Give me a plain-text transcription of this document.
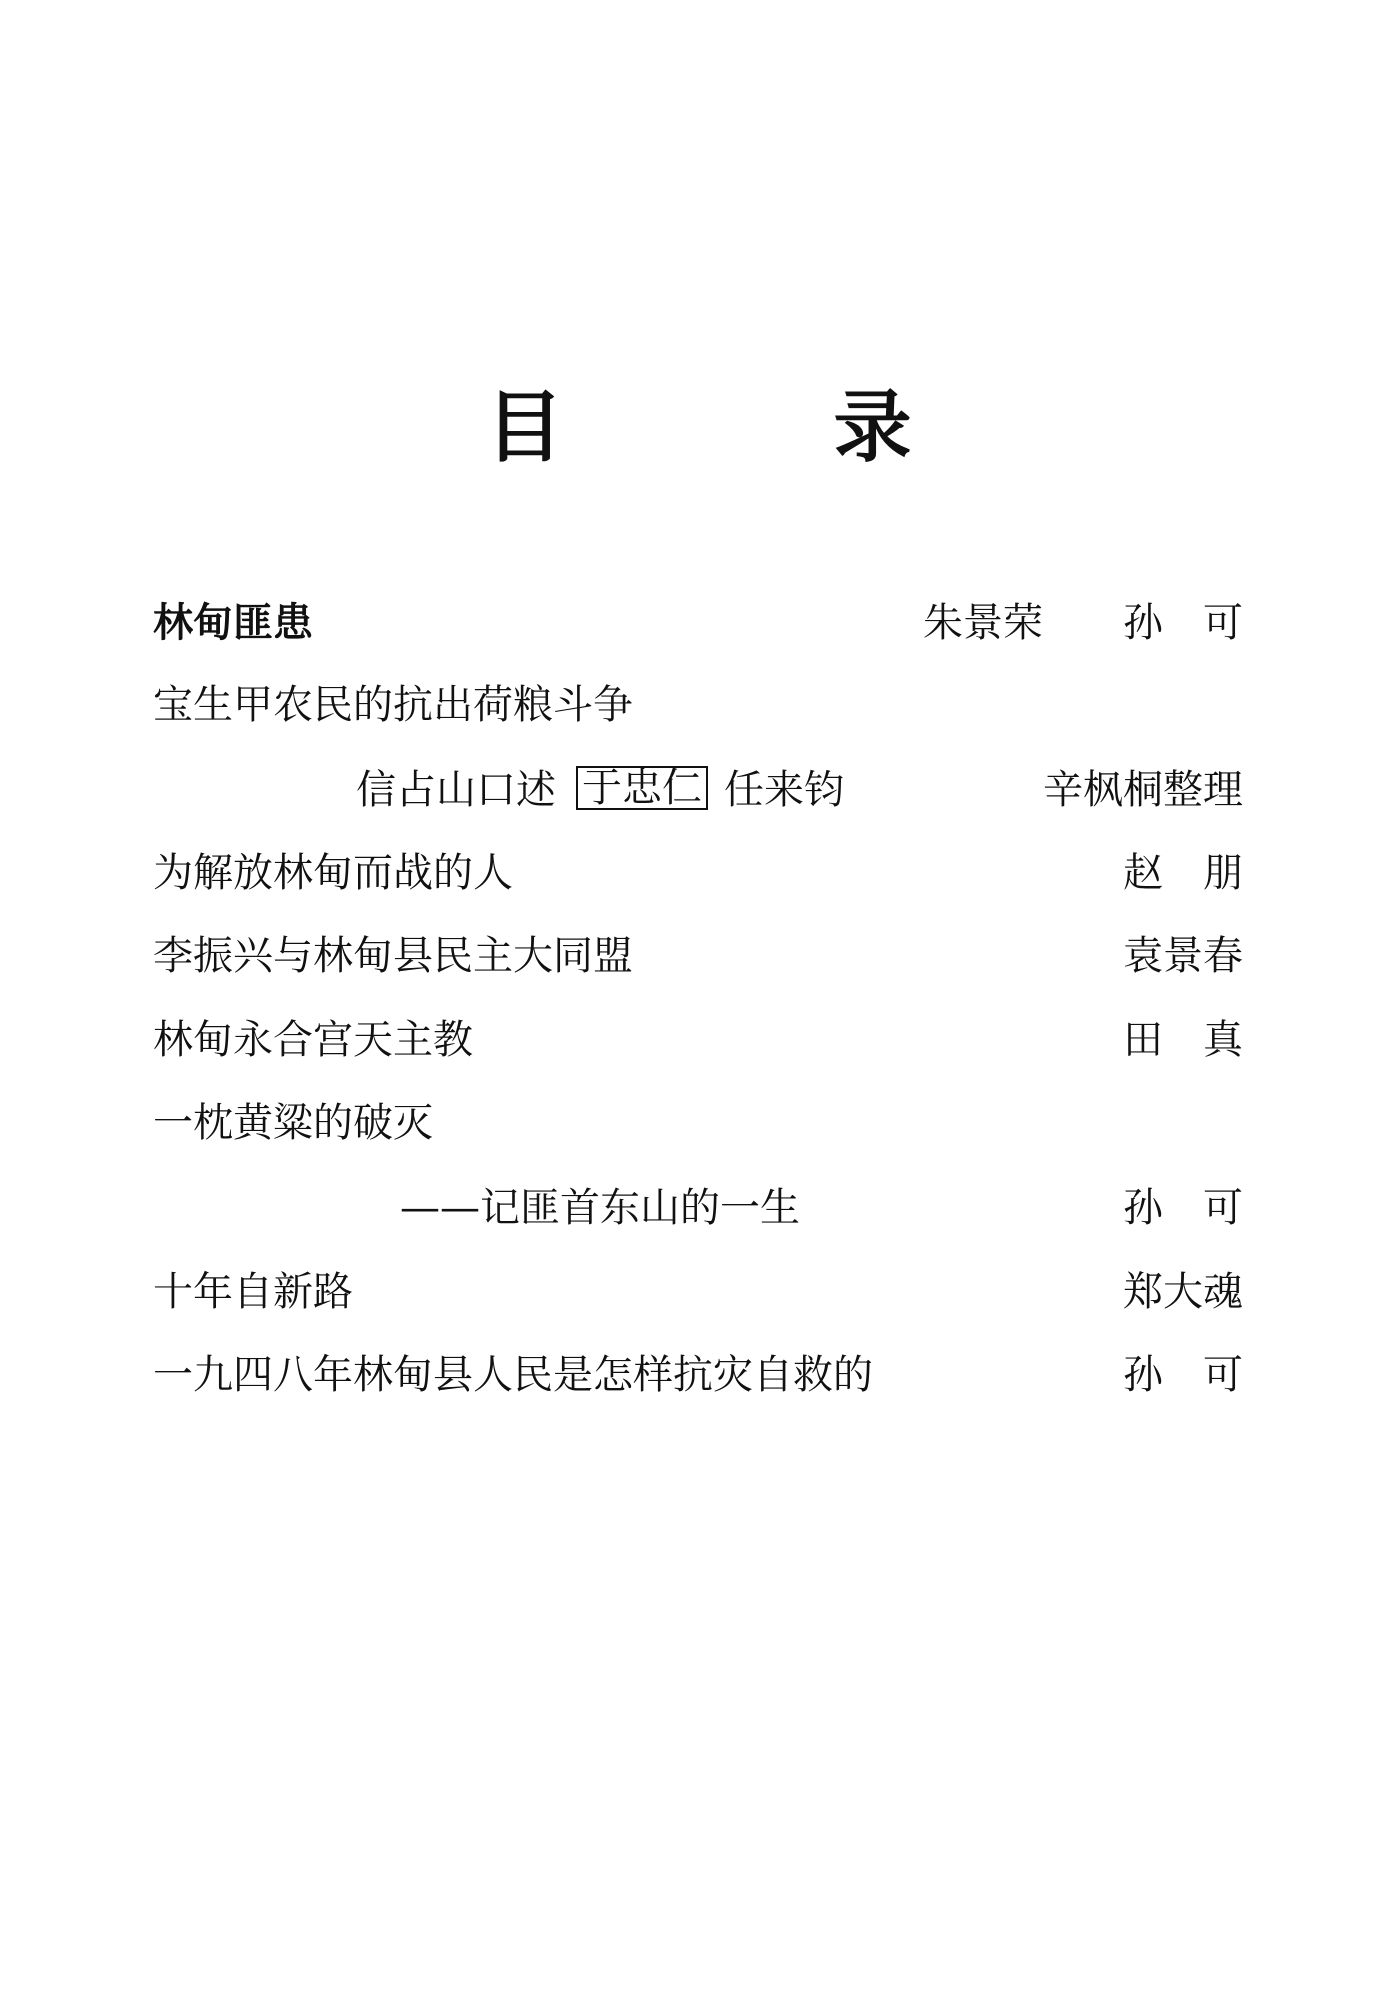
目	录
林甸匪患	朱景荣 孙可
宝生甲农民的抗出荷粮斗争
信占山口述 于忠仁 任来钧	辛枫桐整理
为解放林甸而战的人	赵朋
李振兴与林甸县民主大同盟	袁景春
林甸永合宫天主教	田真
一枕黄粱的破灭
——记匪首东山的一生	孙可
十年自新路	郑大魂
一九四八年林甸县人民是怎样抗灾自救的	孙可
